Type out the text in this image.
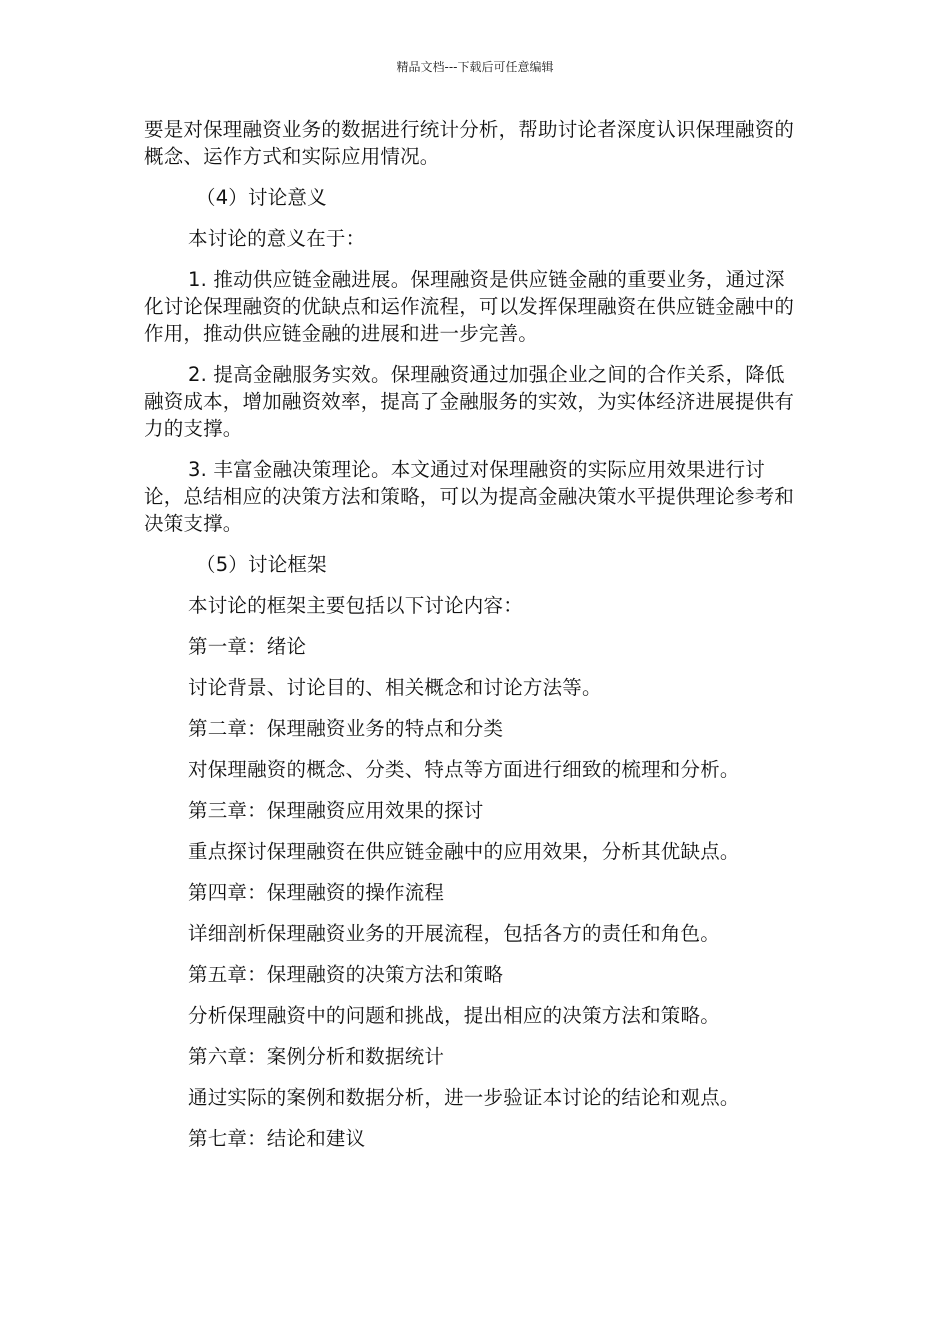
精品文档---下载后可任意编辑

要是对保理融资业务的数据进行统计分析，帮助讨论者深度认识保理融资的概念、运作方式和实际应用情况。

（4）讨论意义

本讨论的意义在于：

1. 推动供应链金融进展。保理融资是供应链金融的重要业务，通过深化讨论保理融资的优缺点和运作流程，可以发挥保理融资在供应链金融中的作用，推动供应链金融的进展和进一步完善。

2. 提高金融服务实效。保理融资通过加强企业之间的合作关系，降低融资成本，增加融资效率，提高了金融服务的实效，为实体经济进展提供有力的支撑。

3. 丰富金融决策理论。本文通过对保理融资的实际应用效果进行讨论，总结相应的决策方法和策略，可以为提高金融决策水平提供理论参考和决策支撑。

（5）讨论框架

本讨论的框架主要包括以下讨论内容：

第一章：绪论

讨论背景、讨论目的、相关概念和讨论方法等。

第二章：保理融资业务的特点和分类

对保理融资的概念、分类、特点等方面进行细致的梳理和分析。

第三章：保理融资应用效果的探讨

重点探讨保理融资在供应链金融中的应用效果，分析其优缺点。

第四章：保理融资的操作流程

详细剖析保理融资业务的开展流程，包括各方的责任和角色。

第五章：保理融资的决策方法和策略

分析保理融资中的问题和挑战，提出相应的决策方法和策略。

第六章：案例分析和数据统计

通过实际的案例和数据分析，进一步验证本讨论的结论和观点。

第七章：结论和建议
